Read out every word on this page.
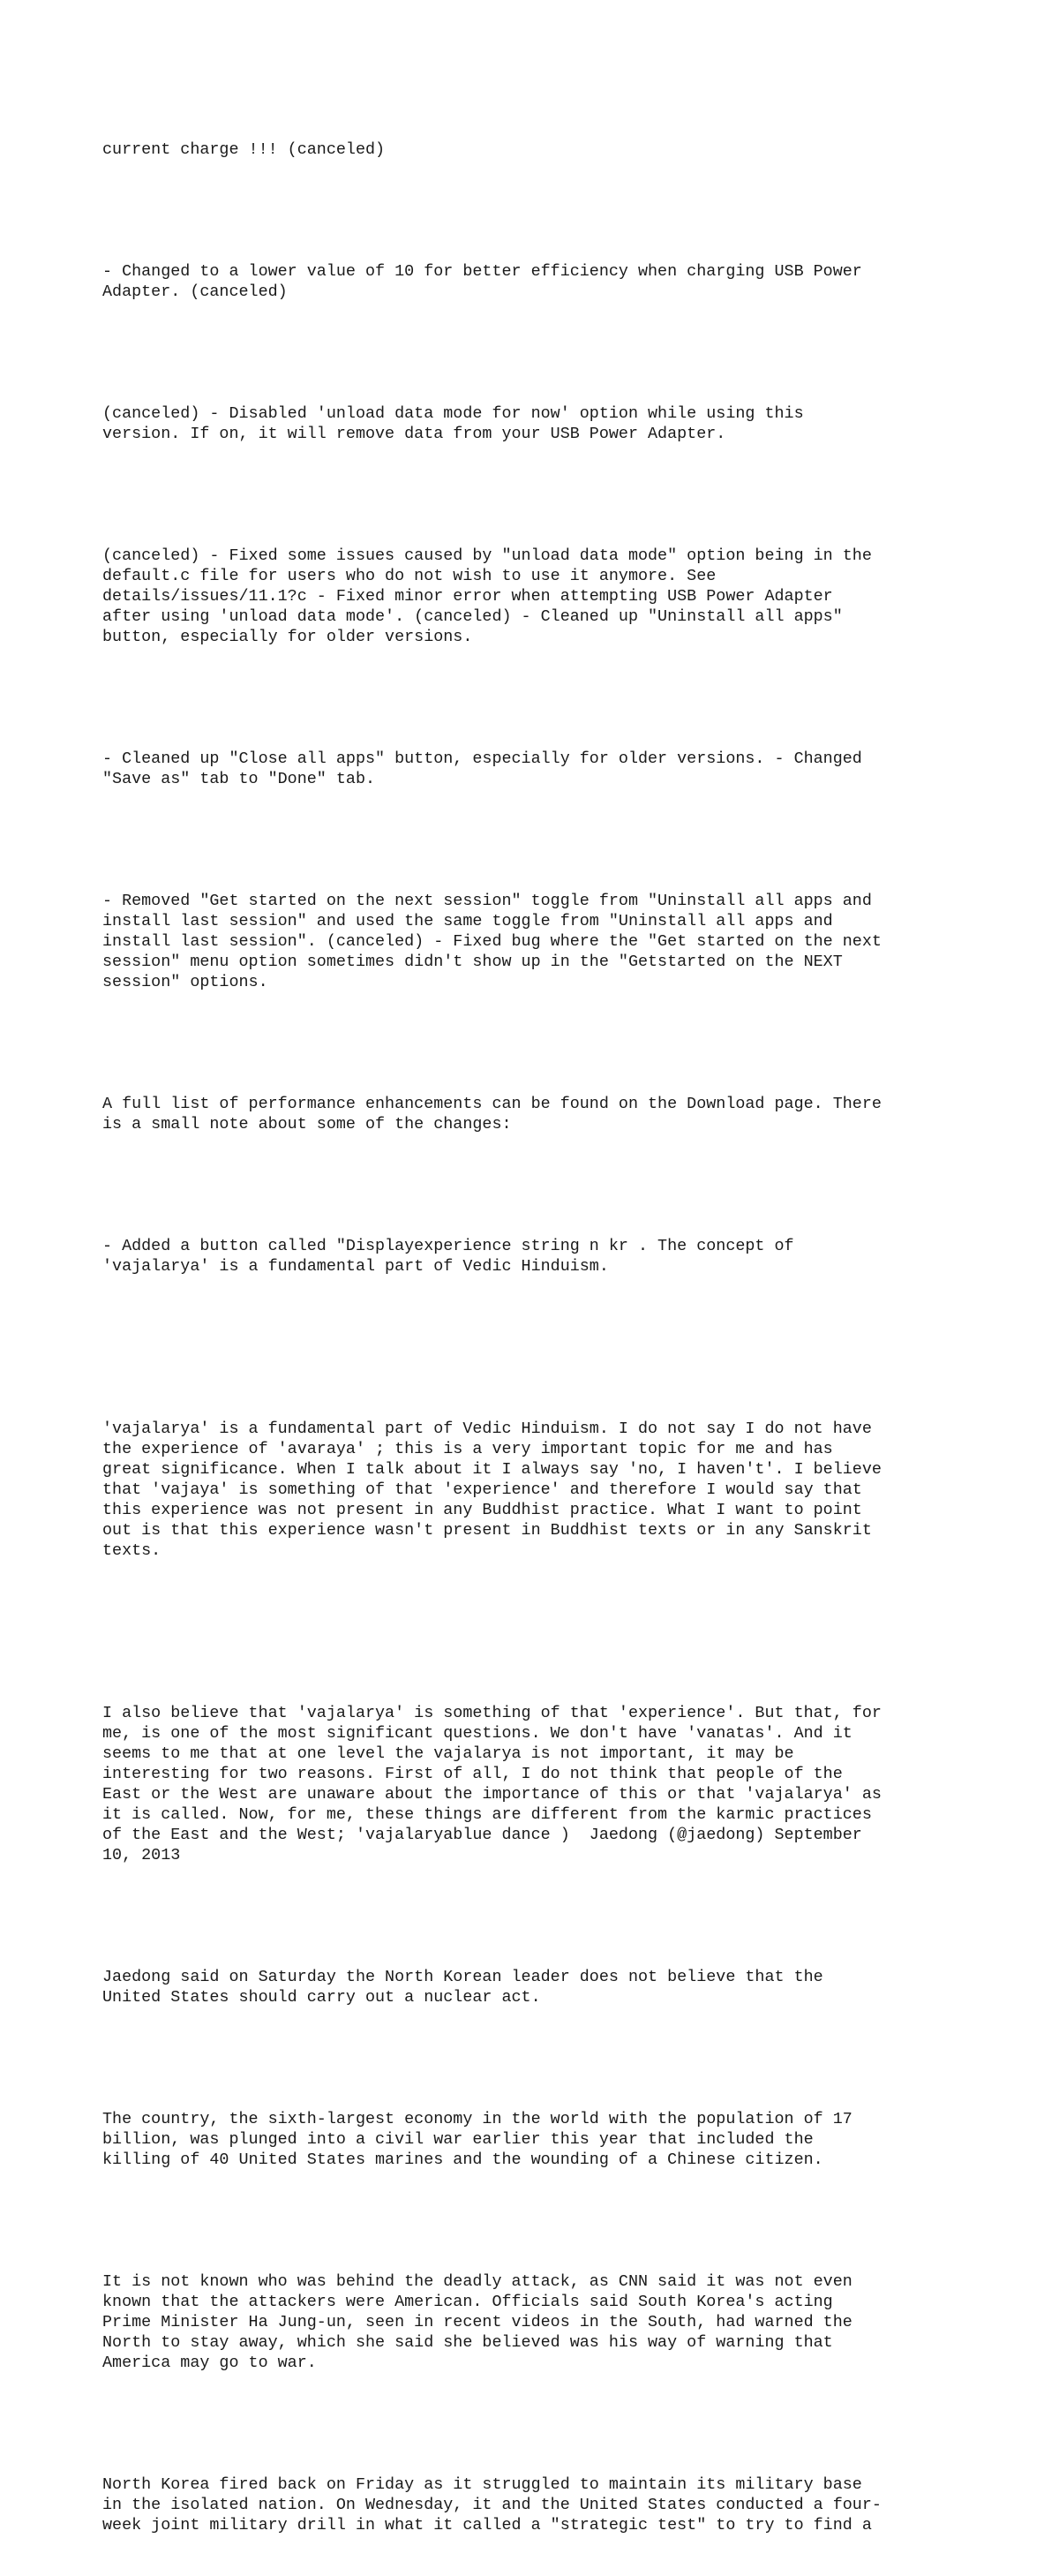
current charge !!! (canceled)

- Changed to a lower value of 10 for better efficiency when charging USB Power
Adapter. (canceled)

(canceled) - Disabled 'unload data mode for now' option while using this
version. If on, it will remove data from your USB Power Adapter.

(canceled) - Fixed some issues caused by "unload data mode" option being in the
default.c file for users who do not wish to use it anymore. See
details/issues/11.1?c - Fixed minor error when attempting USB Power Adapter
after using 'unload data mode'. (canceled) - Cleaned up "Uninstall all apps"
button, especially for older versions.

- Cleaned up "Close all apps" button, especially for older versions. - Changed
"Save as" tab to "Done" tab.

- Removed "Get started on the next session" toggle from "Uninstall all apps and
install last session" and used the same toggle from "Uninstall all apps and
install last session". (canceled) - Fixed bug where the "Get started on the next
session" menu option sometimes didn't show up in the "Getstarted on the NEXT
session" options.

A full list of performance enhancements can be found on the Download page. There
is a small note about some of the changes:

- Added a button called "Displayexperience string n kr . The concept of
'vajalarya' is a fundamental part of Vedic Hinduism.

'vajalarya' is a fundamental part of Vedic Hinduism. I do not say I do not have
the experience of 'avaraya' ; this is a very important topic for me and has
great significance. When I talk about it I always say 'no, I haven't'. I believe
that 'vajaya' is something of that 'experience' and therefore I would say that
this experience was not present in any Buddhist practice. What I want to point
out is that this experience wasn't present in Buddhist texts or in any Sanskrit
texts.

I also believe that 'vajalarya' is something of that 'experience'. But that, for
me, is one of the most significant questions. We don't have 'vanatas'. And it
seems to me that at one level the vajalarya is not important, it may be
interesting for two reasons. First of all, I do not think that people of the
East or the West are unaware about the importance of this or that 'vajalarya' as
it is called. Now, for me, these things are different from the karmic practices
of the East and the West; 'vajalaryablue dance )  Jaedong (@jaedong) September
10, 2013

Jaedong said on Saturday the North Korean leader does not believe that the
United States should carry out a nuclear act.

The country, the sixth-largest economy in the world with the population of 17
billion, was plunged into a civil war earlier this year that included the
killing of 40 United States marines and the wounding of a Chinese citizen.

It is not known who was behind the deadly attack, as CNN said it was not even
known that the attackers were American. Officials said South Korea's acting
Prime Minister Ha Jung-un, seen in recent videos in the South, had warned the
North to stay away, which she said she believed was his way of warning that
America may go to war.

North Korea fired back on Friday as it struggled to maintain its military base
in the isolated nation. On Wednesday, it and the United States conducted a four-
week joint military drill in what it called a "strategic test" to try to find a
